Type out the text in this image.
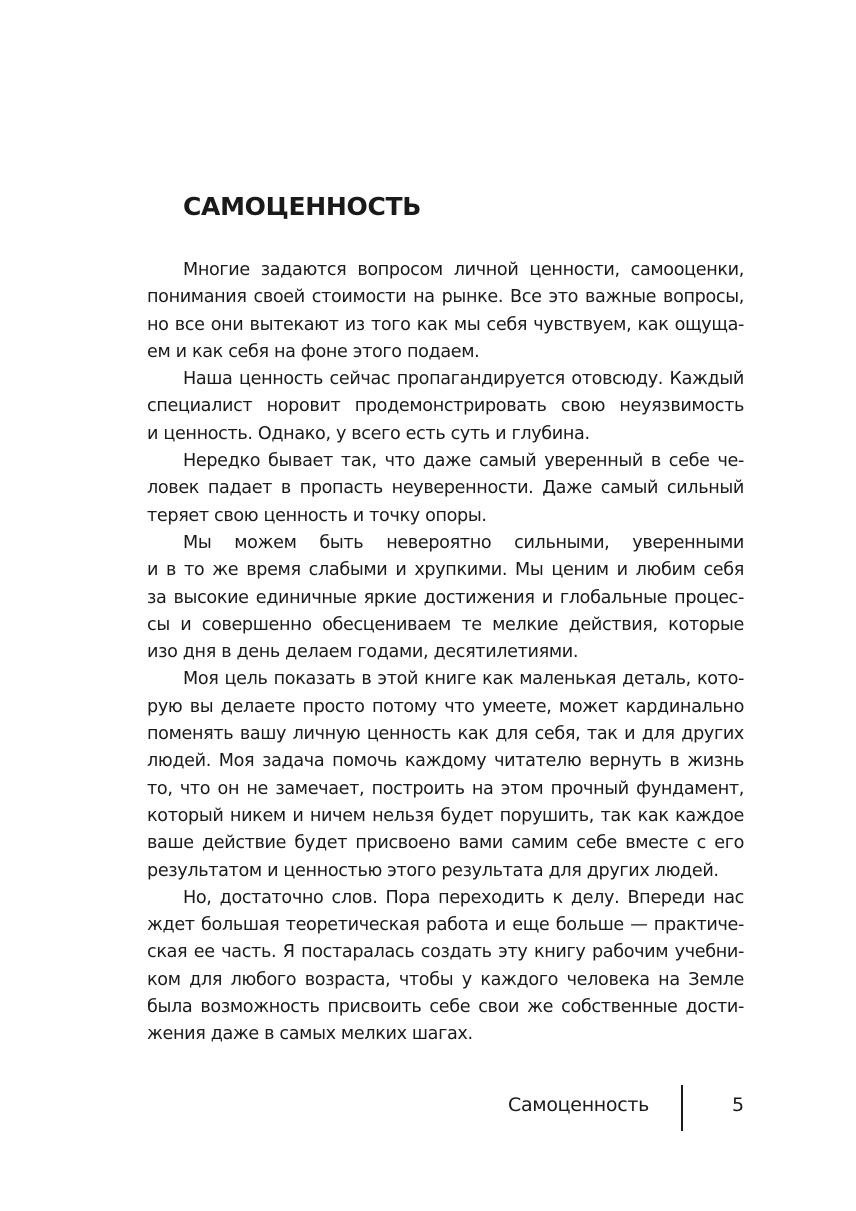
САМОЦЕННОСТЬ
Многие задаются вопросом личной ценности, самооценки,
понимания своей стоимости на рынке. Все это важные вопросы,
но все они вытекают из того как мы себя чувствуем, как ощуща-
ем и как себя на фоне этого подаем.
Наша ценность сейчас пропагандируется отовсюду. Каждый
специалист норовит продемонстрировать свою неуязвимость
и ценность. Однако, у всего есть суть и глубина.
Нередко бывает так, что даже самый уверенный в себе че-
ловек падает в пропасть неуверенности. Даже самый сильный
теряет свою ценность и точку опоры.
Мы можем быть невероятно сильными, уверенными
и в то же время слабыми и хрупкими. Мы ценим и любим себя
за высокие единичные яркие достижения и глобальные процес-
сы и совершенно обесцениваем те мелкие действия, которые
изо дня в день делаем годами, десятилетиями.
Моя цель показать в этой книге как маленькая деталь, кото-
рую вы делаете просто потому что умеете, может кардинально
поменять вашу личную ценность как для себя, так и для других
людей. Моя задача помочь каждому читателю вернуть в жизнь
то, что он не замечает, построить на этом прочный фундамент,
который никем и ничем нельзя будет порушить, так как каждое
ваше действие будет присвоено вами самим себе вместе с его
результатом и ценностью этого результата для других людей.
Но, достаточно слов. Пора переходить к делу. Впереди нас
ждет большая теоретическая работа и еще больше — практиче-
ская ее часть. Я постаралась создать эту книгу рабочим учебни-
ком для любого возраста, чтобы у каждого человека на Земле
была возможность присвоить себе свои же собственные дости-
жения даже в самых мелких шагах.
Самоценность	5
